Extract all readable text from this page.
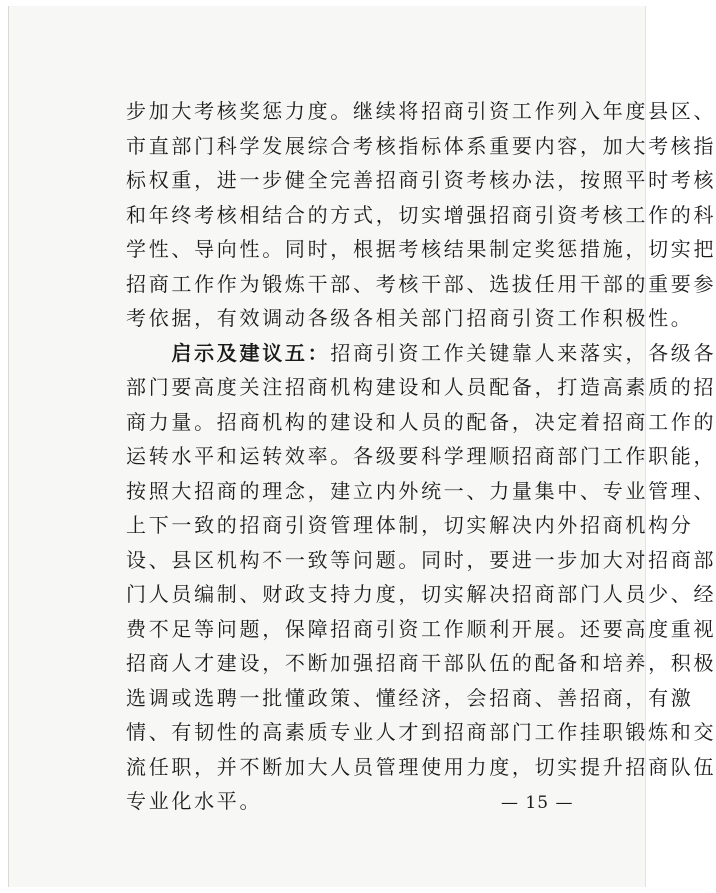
步加大考核奖惩力度。继续将招商引资工作列入年度县区、
市直部门科学发展综合考核指标体系重要内容，加大考核指
标权重，进一步健全完善招商引资考核办法，按照平时考核
和年终考核相结合的方式，切实增强招商引资考核工作的科
学性、导向性。同时，根据考核结果制定奖惩措施，切实把
招商工作作为锻炼干部、考核干部、选拔任用干部的重要参
考依据，有效调动各级各相关部门招商引资工作积极性。
　　启示及建议五：招商引资工作关键靠人来落实，各级各
部门要高度关注招商机构建设和人员配备，打造高素质的招
商力量。招商机构的建设和人员的配备，决定着招商工作的
运转水平和运转效率。各级要科学理顺招商部门工作职能，
按照大招商的理念，建立内外统一、力量集中、专业管理、
上下一致的招商引资管理体制，切实解决内外招商机构分
设、县区机构不一致等问题。同时，要进一步加大对招商部
门人员编制、财政支持力度，切实解决招商部门人员少、经
费不足等问题，保障招商引资工作顺利开展。还要高度重视
招商人才建设，不断加强招商干部队伍的配备和培养，积极
选调或选聘一批懂政策、懂经济，会招商、善招商，有激
情、有韧性的高素质专业人才到招商部门工作挂职锻炼和交
流任职，并不断加大人员管理使用力度，切实提升招商队伍
专业化水平。	— 15 —
